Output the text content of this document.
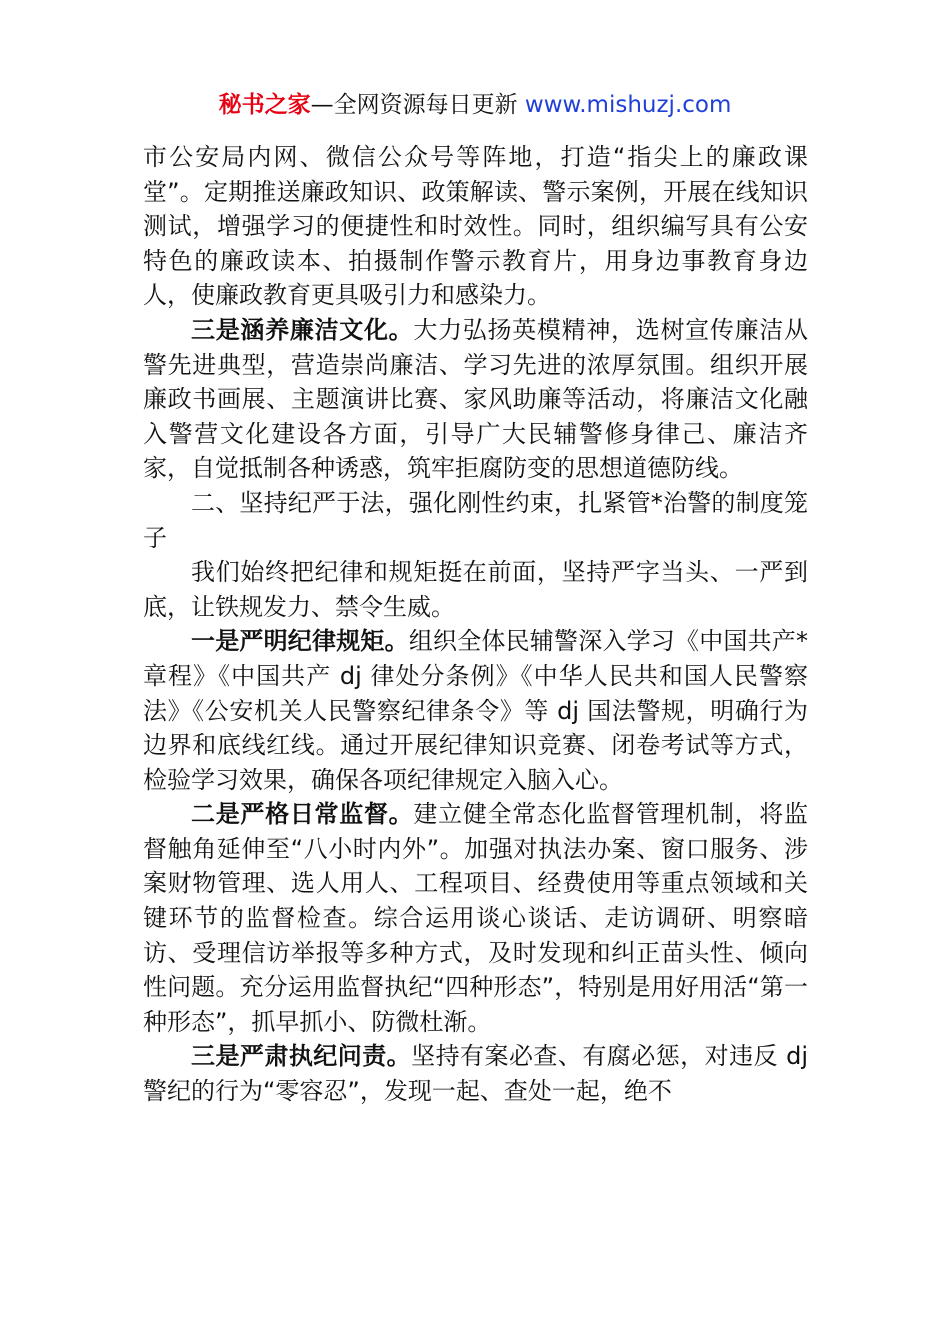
秘书之家—全网资源每日更新 www.mishuzj.com

市公安局内网、微信公众号等阵地，打造“指尖上的廉政课堂”。定期推送廉政知识、政策解读、警示案例，开展在线知识测试，增强学习的便捷性和时效性。同时，组织编写具有公安特色的廉政读本、拍摄制作警示教育片，用身边事教育身边人，使廉政教育更具吸引力和感染力。

三是涵养廉洁文化。大力弘扬英模精神，选树宣传廉洁从警先进典型，营造崇尚廉洁、学习先进的浓厚氛围。组织开展廉政书画展、主题演讲比赛、家风助廉等活动，将廉洁文化融入警营文化建设各方面，引导广大民辅警修身律己、廉洁齐家，自觉抵制各种诱惑，筑牢拒腐防变的思想道德防线。

二、坚持纪严于法，强化刚性约束，扎紧管*治警的制度笼子

我们始终把纪律和规矩挺在前面，坚持严字当头、一严到底，让铁规发力、禁令生威。

一是严明纪律规矩。组织全体民辅警深入学习《中国共产*章程》《中国共产 dj 律处分条例》《中华人民共和国人民警察法》《公安机关人民警察纪律条令》等 dj 国法警规，明确行为边界和底线红线。通过开展纪律知识竞赛、闭卷考试等方式，检验学习效果，确保各项纪律规定入脑入心。

二是严格日常监督。建立健全常态化监督管理机制，将监督触角延伸至“八小时内外”。加强对执法办案、窗口服务、涉案财物管理、选人用人、工程项目、经费使用等重点领域和关键环节的监督检查。综合运用谈心谈话、走访调研、明察暗访、受理信访举报等多种方式，及时发现和纠正苗头性、倾向性问题。充分运用监督执纪“四种形态”，特别是用好用活“第一种形态”，抓早抓小、防微杜渐。

三是严肃执纪问责。坚持有案必查、有腐必惩，对违反 dj 警纪的行为“零容忍”，发现一起、查处一起，绝不
